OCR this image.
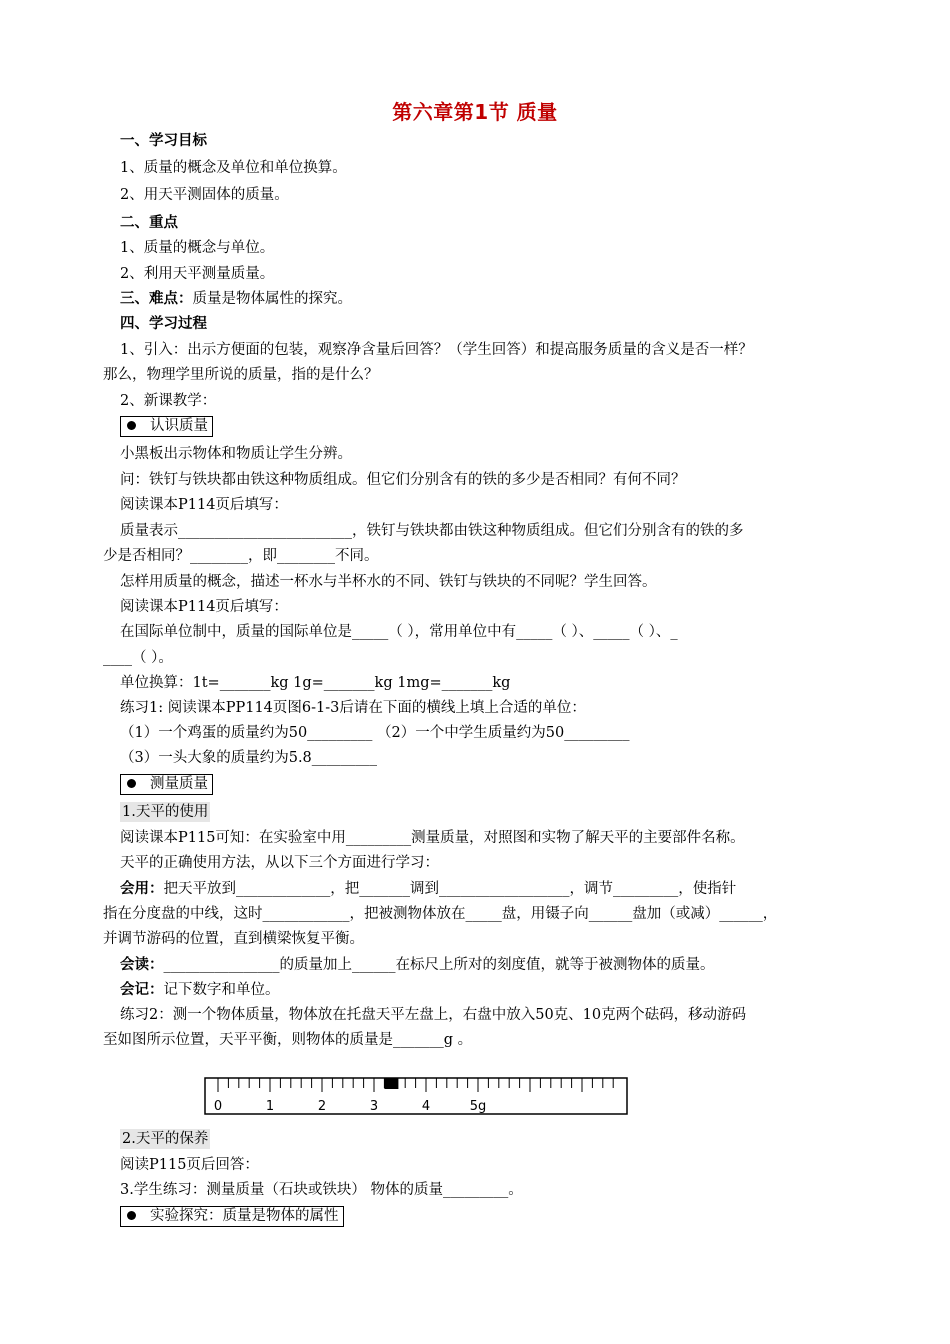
第六章第1节 质量
一、学习目标
1、质量的概念及单位和单位换算。
2、用天平测固体的质量。
二、重点
1、质量的概念与单位。
2、利用天平测量质量。
三、难点：质量是物体属性的探究。
四、学习过程
1、引入：出示方便面的包装，观察净含量后回答？（学生回答）和提高服务质量的含义是否一样？
那么，物理学里所说的质量，指的是什么？
2、新课教学：
认识质量
小黑板出示物体和物质让学生分辨。
问：铁钉与铁块都由铁这种物质组成。但它们分别含有的铁的多少是否相同？有何不同？
阅读课本P114页后填写：
质量表示________________________，铁钉与铁块都由铁这种物质组成。但它们分别含有的铁的多
少是否相同？________，即________不同。
怎样用质量的概念，描述一杯水与半杯水的不同、铁钉与铁块的不同呢？学生回答。
阅读课本P114页后填写：
在国际单位制中，质量的国际单位是_____（ ），常用单位中有_____（ ）、_____（ ）、_
____（ ）。
单位换算：1t=_______kg 1g=_______kg 1mg=_______kg
练习1: 阅读课本PP114页图6-1-3后请在下面的横线上填上合适的单位：
（1）一个鸡蛋的质量约为50_________ （2）一个中学生质量约为50_________
（3）一头大象的质量约为5.8_________
测量质量
1.天平的使用
阅读课本P115可知：在实验室中用_________测量质量，对照图和实物了解天平的主要部件名称。
天平的正确使用方法，从以下三个方面进行学习：
会用：把天平放到_____________，把_______调到__________________，调节_________，使指针
指在分度盘的中线，这时____________，把被测物体放在_____盘，用镊子向______盘加（或减）______，
并调节游码的位置，直到横梁恢复平衡。
会读：________________的质量加上______在标尺上所对的刻度值，就等于被测物体的质量。
会记：记下数字和单位。
练习2：测一个物体质量，物体放在托盘天平左盘上，右盘中放入50克、10克两个砝码，移动游码
至如图所示位置，天平平衡，则物体的质量是_______g 。
0	1	2	3	4	5g
2.天平的保养
阅读P115页后回答：
3.学生练习：测量质量（石块或铁块） 物体的质量_________。
实验探究：质量是物体的属性
